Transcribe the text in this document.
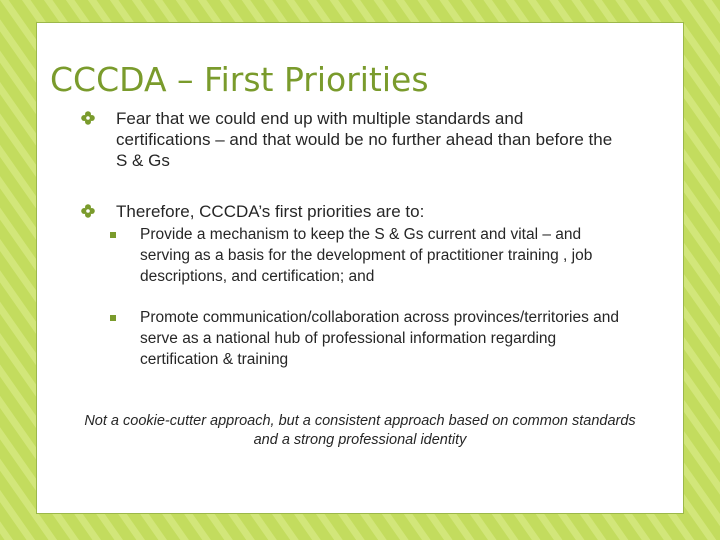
CCCDA – First Priorities
Fear that we could end up with multiple standards and certifications – and that would be no further ahead than before the S & Gs
Therefore, CCCDA’s first priorities are to:
Provide a mechanism to keep the S & Gs current and vital – and serving as a basis for the development of practitioner training , job descriptions, and certification; and
Promote communication/collaboration across provinces/territories and serve as a national hub of professional information regarding certification & training
Not a cookie-cutter approach, but a consistent approach based on common standards and a strong professional identity
